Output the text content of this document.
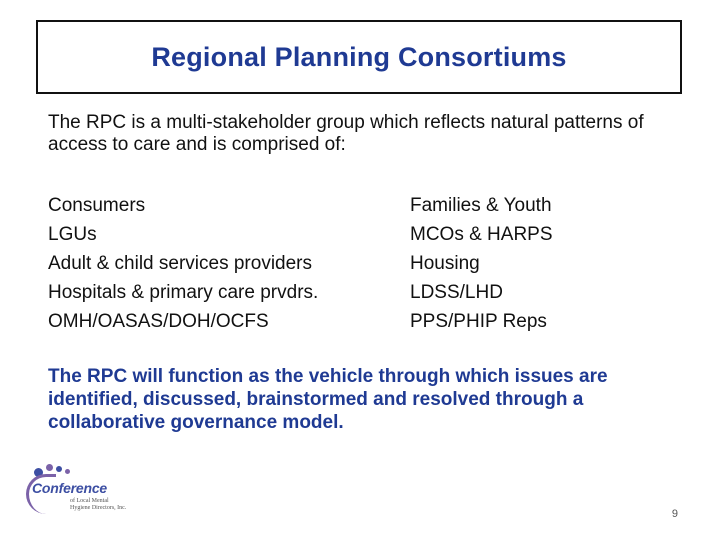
Regional Planning Consortiums

The RPC is a multi-stakeholder group which reflects natural patterns of access to care and is comprised of:

Consumers
LGUs
Adult & child services providers
Hospitals & primary care prvdrs.
OMH/OASAS/DOH/OCFS
Families & Youth
MCOs & HARPS
Housing
LDSS/LHD
PPS/PHIP Reps

The RPC will function as the vehicle through which issues are identified, discussed, brainstormed and resolved through a collaborative governance model.

Conference
of Local Mental Hygiene Directors, Inc.	9
